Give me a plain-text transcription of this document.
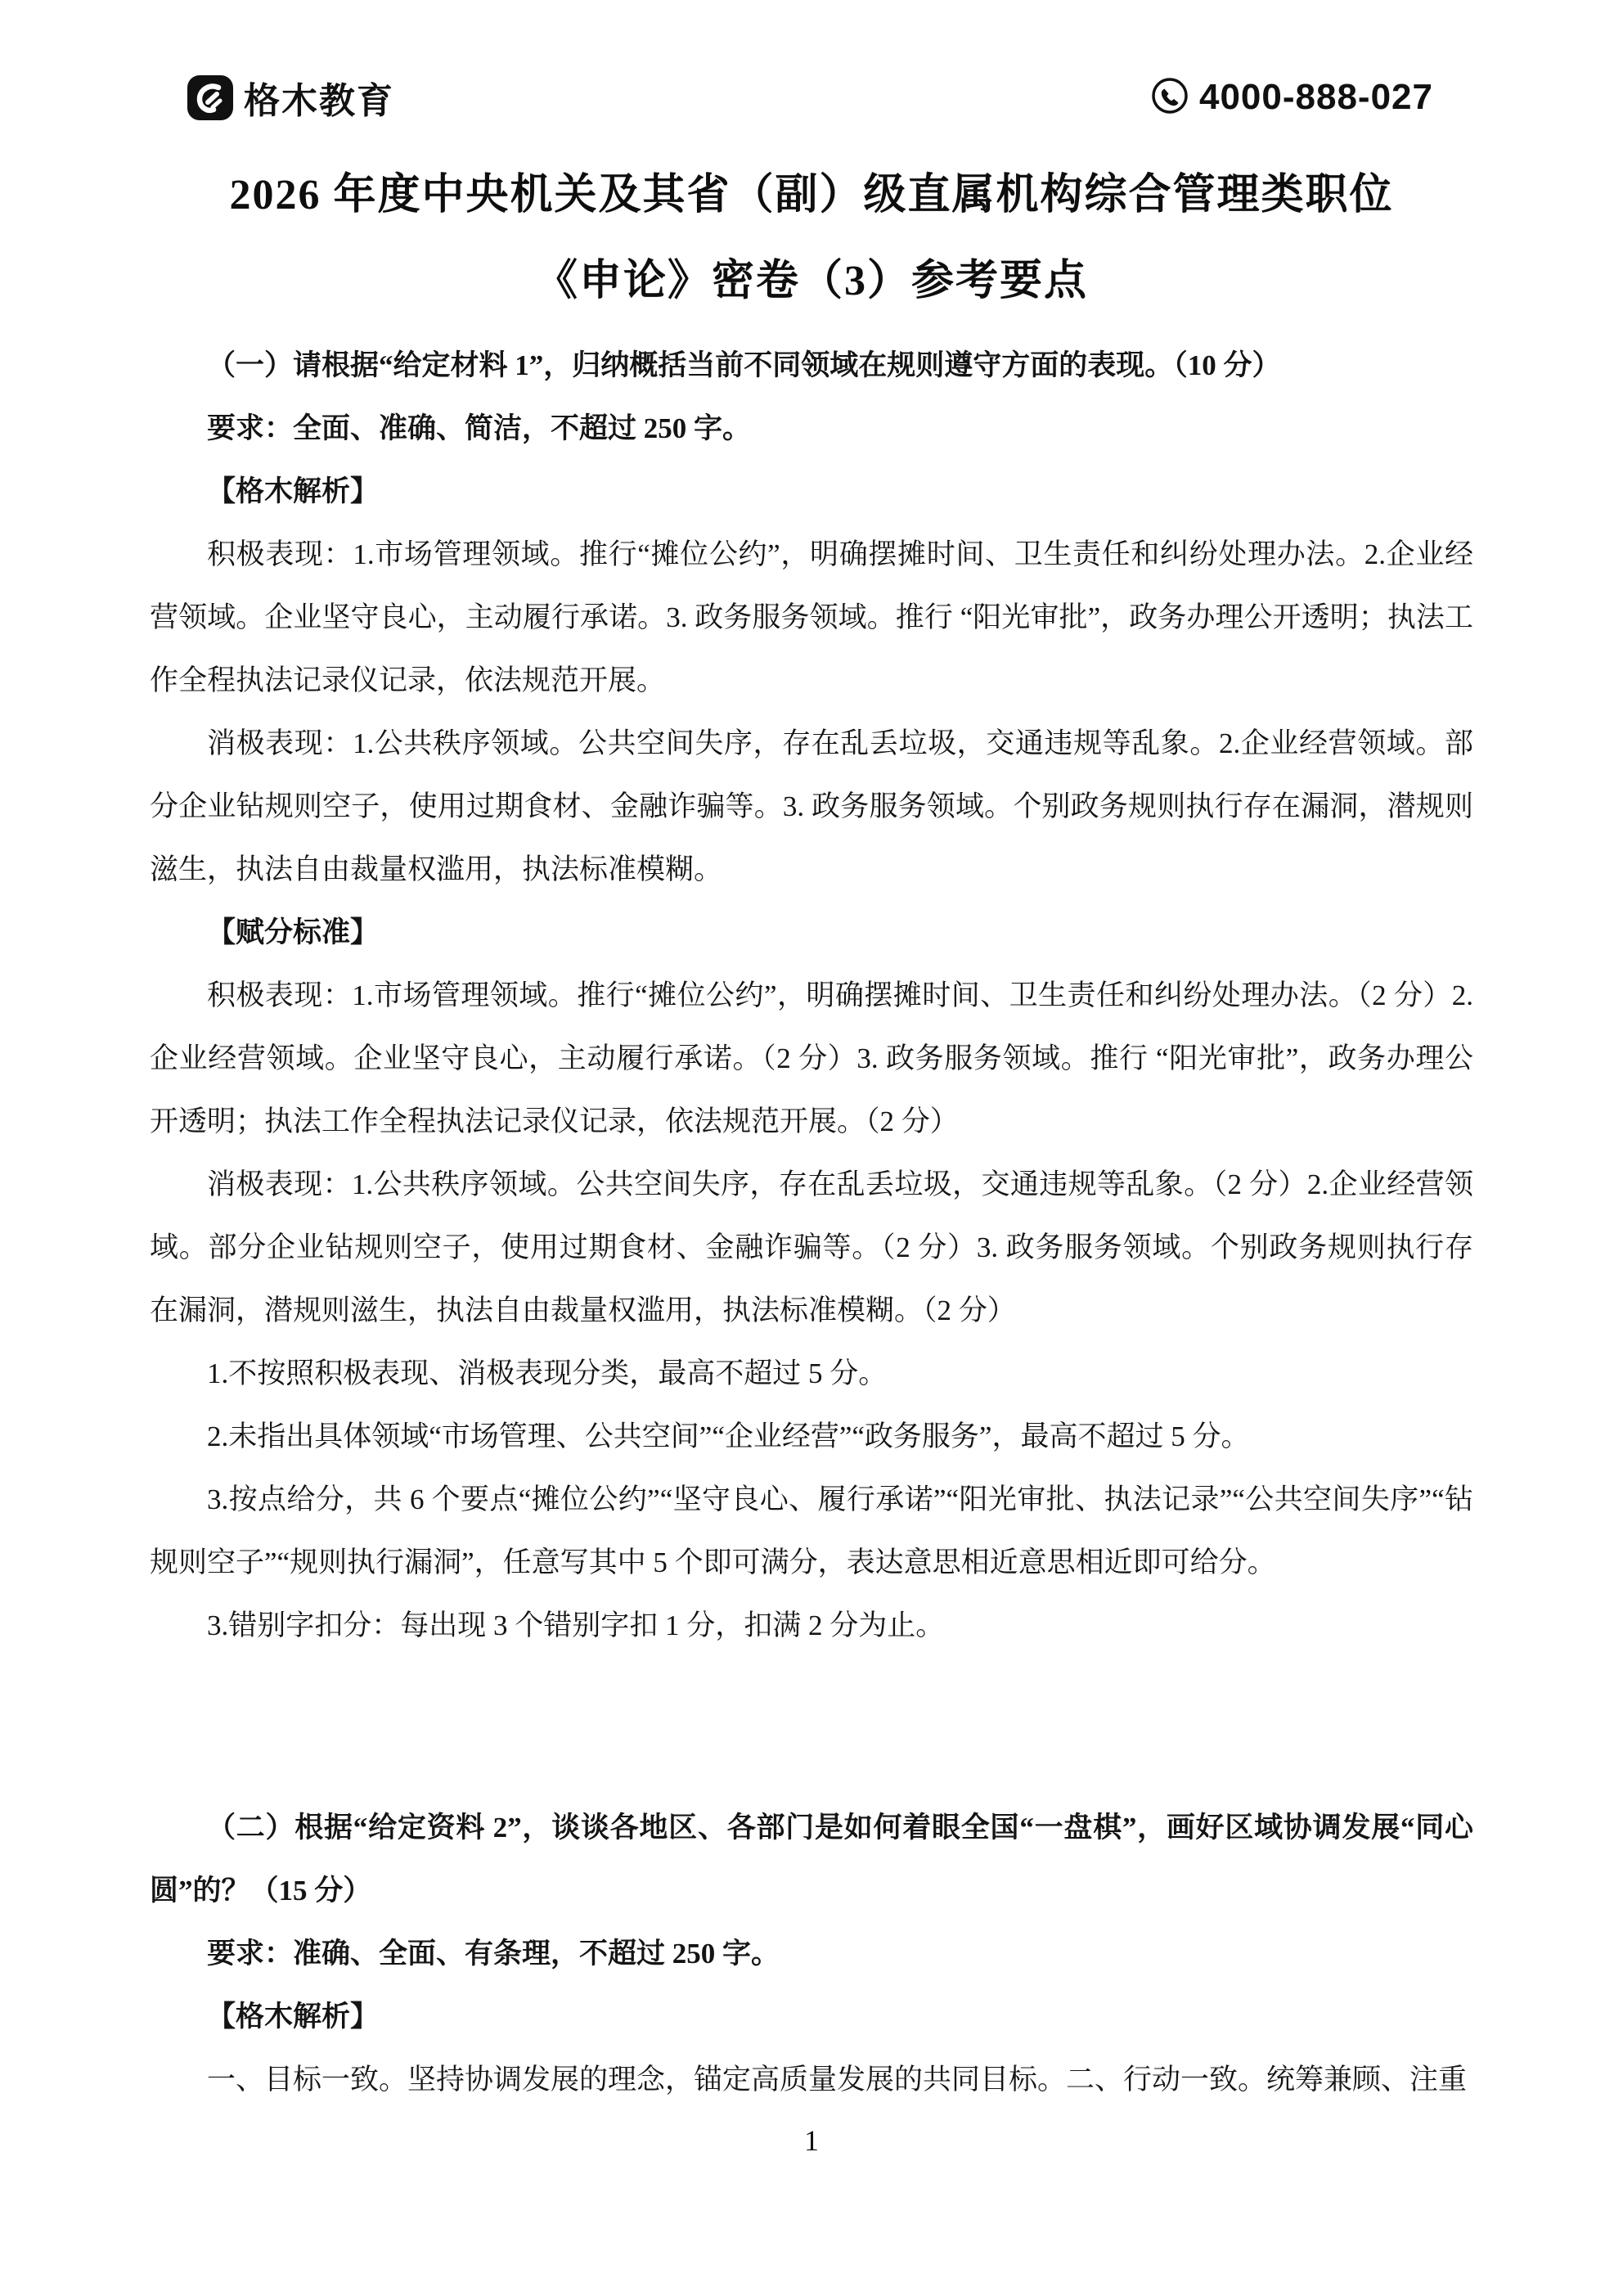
格木教育	4000-888-027
2026 年度中央机关及其省（副）级直属机构综合管理类职位
《申论》密卷（3）参考要点

（一）请根据“给定材料 1”，归纳概括当前不同领域在规则遵守方面的表现。（10 分）

要求：全面、准确、简洁，不超过 250 字。

【格木解析】

积极表现：1.市场管理领域。推行“摊位公约”，明确摆摊时间、卫生责任和纠纷处理办法。2.企业经营领域。企业坚守良心，主动履行承诺。3. 政务服务领域。推行 “阳光审批”，政务办理公开透明；执法工作全程执法记录仪记录，依法规范开展。

消极表现：1.公共秩序领域。公共空间失序，存在乱丢垃圾，交通违规等乱象。2.企业经营领域。部分企业钻规则空子，使用过期食材、金融诈骗等。3. 政务服务领域。个别政务规则执行存在漏洞，潜规则滋生，执法自由裁量权滥用，执法标准模糊。

【赋分标准】

积极表现：1.市场管理领域。推行“摊位公约”，明确摆摊时间、卫生责任和纠纷处理办法。（2 分）2.企业经营领域。企业坚守良心，主动履行承诺。（2 分）3. 政务服务领域。推行 “阳光审批”，政务办理公开透明；执法工作全程执法记录仪记录，依法规范开展。（2 分）

消极表现：1.公共秩序领域。公共空间失序，存在乱丢垃圾，交通违规等乱象。（2 分）2.企业经营领域。部分企业钻规则空子，使用过期食材、金融诈骗等。（2 分）3. 政务服务领域。个别政务规则执行存在漏洞，潜规则滋生，执法自由裁量权滥用，执法标准模糊。（2 分）

1.不按照积极表现、消极表现分类，最高不超过 5 分。

2.未指出具体领域“市场管理、公共空间”“企业经营”“政务服务”，最高不超过 5 分。

3.按点给分，共 6 个要点“摊位公约”“坚守良心、履行承诺”“阳光审批、执法记录”“公共空间失序”“钻规则空子”“规则执行漏洞”，任意写其中 5 个即可满分，表达意思相近意思相近即可给分。

3.错别字扣分：每出现 3 个错别字扣 1 分，扣满 2 分为止。

（二）根据“给定资料 2”，谈谈各地区、各部门是如何着眼全国“一盘棋”，画好区域协调发展“同心圆”的？（15 分）

要求：准确、全面、有条理，不超过 250 字。

【格木解析】

一、目标一致。坚持协调发展的理念，锚定高质量发展的共同目标。二、行动一致。统筹兼顾、注重

1
